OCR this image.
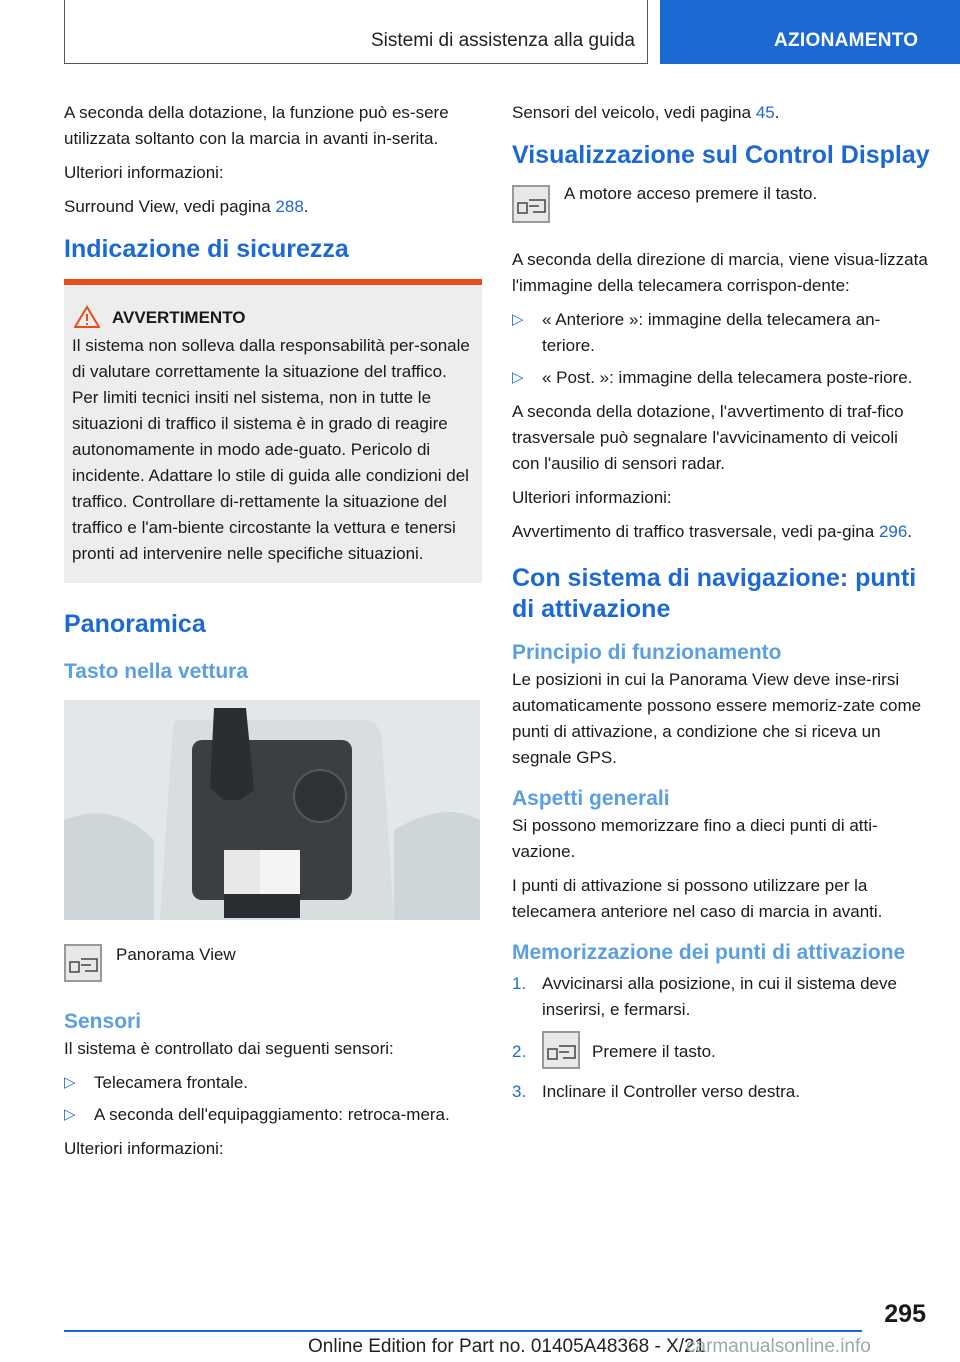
Sistemi di assistenza alla guida	AZIONAMENTO

A seconda della dotazione, la funzione può es-sere utilizzata soltanto con la marcia in avanti in-serita.

Ulteriori informazioni:

Surround View, vedi pagina 288.

Indicazione di sicurezza
AVVERTIMENTO
Il sistema non solleva dalla responsabilità per-sonale di valutare correttamente la situazione del traffico. Per limiti tecnici insiti nel sistema, non in tutte le situazioni di traffico il sistema è in grado di reagire autonomamente in modo ade-guato. Pericolo di incidente. Adattare lo stile di guida alle condizioni del traffico. Controllare di-rettamente la situazione del traffico e l'am-biente circostante la vettura e tenersi pronti ad intervenire nelle specifiche situazioni.
Panoramica
Tasto nella vettura
Panorama View
Sensori

Il sistema è controllato dai seguenti sensori:

▷ Telecamera frontale.
▷ A seconda dell'equipaggiamento: retroca-mera.

Ulteriori informazioni:

Sensori del veicolo, vedi pagina 45.

Visualizzazione sul Control Display
A motore acceso premere il tasto.

A seconda della direzione di marcia, viene visua-lizzata l'immagine della telecamera corrispon-dente:

▷ « Anteriore »: immagine della telecamera an-teriore.
▷ « Post. »: immagine della telecamera poste-riore.

A seconda della dotazione, l'avvertimento di traf-fico trasversale può segnalare l'avvicinamento di veicoli con l'ausilio di sensori radar.

Ulteriori informazioni:

Avvertimento di traffico trasversale, vedi pa-gina 296.

Con sistema di navigazione: punti di attivazione
Principio di funzionamento

Le posizioni in cui la Panorama View deve inse-rirsi automaticamente possono essere memoriz-zate come punti di attivazione, a condizione che si riceva un segnale GPS.

Aspetti generali

Si possono memorizzare fino a dieci punti di atti-vazione.

I punti di attivazione si possono utilizzare per la telecamera anteriore nel caso di marcia in avanti.

Memorizzazione dei punti di attivazione
1. Avvicinarsi alla posizione, in cui il sistema deve inserirsi, e fermarsi.
2.	Premere il tasto.
3. Inclinare il Controller verso destra.
295
Online Edition for Part no. 01405A48368 - X/21
carmanualsonline.info
